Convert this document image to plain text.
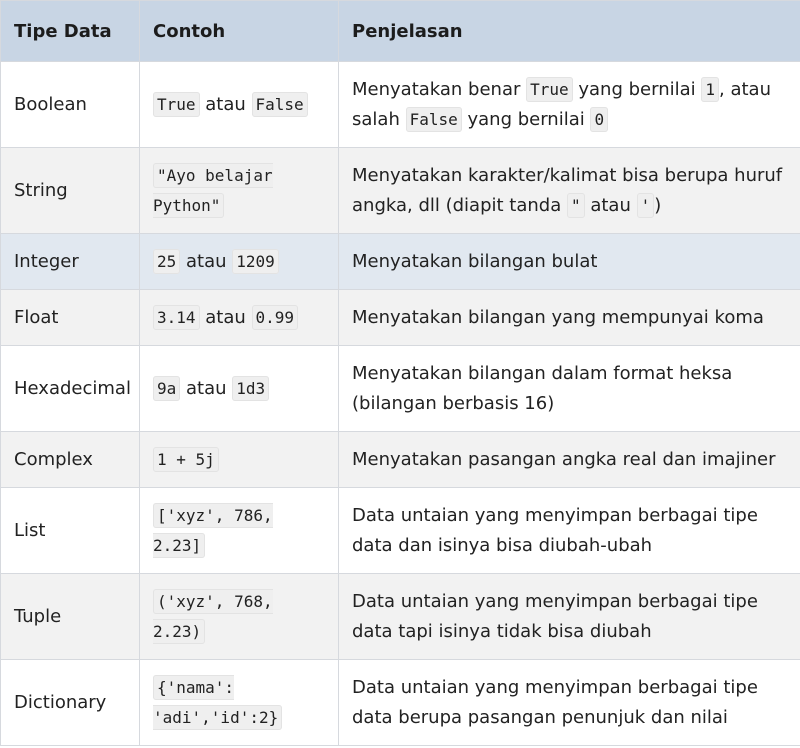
Tipe Data	Contoh	Penjelasan
Boolean	True atau False	Menyatakan benar True yang bernilai 1 , atau salah False yang bernilai 0
String	"Ayo belajar Python"	Menyatakan karakter/kalimat bisa berupa huruf angka, dll (diapit tanda " atau ' )
Integer	25 atau 1209	Menyatakan bilangan bulat
Float	3.14 atau 0.99	Menyatakan bilangan yang mempunyai koma
Hexadecimal	9a atau 1d3	Menyatakan bilangan dalam format heksa (bilangan berbasis 16)
Complex	1 + 5j	Menyatakan pasangan angka real dan imajiner
List	['xyz', 786, 2.23]	Data untaian yang menyimpan berbagai tipe data dan isinya bisa diubah-ubah
Tuple	('xyz', 768, 2.23)	Data untaian yang menyimpan berbagai tipe data tapi isinya tidak bisa diubah
Dictionary	{'nama': 'adi','id':2}	Data untaian yang menyimpan berbagai tipe data berupa pasangan penunjuk dan nilai
